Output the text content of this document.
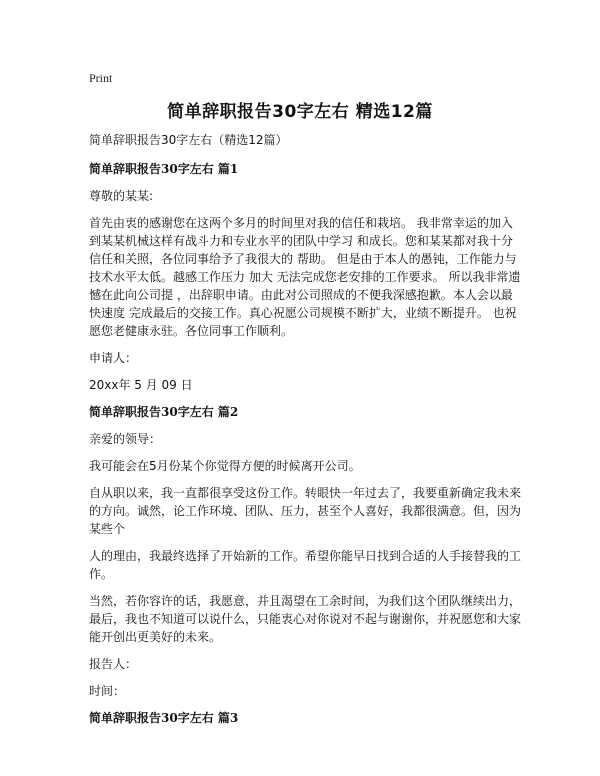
Print
简单辞职报告30字左右 精选12篇
简单辞职报告30字左右（精选12篇）
简单辞职报告30字左右 篇1
尊敬的某某:
首先由衷的感谢您在这两个多月的时间里对我的信任和栽培。 我非常幸运的加入到某某机械这样有战斗力和专业水平的团队中学习 和成长。您和某某都对我十分信任和关照，各位同事给予了我很大的 帮助。 但是由于本人的愚钝，工作能力与技术水平太低。越感工作压力 加大 无法完成您老安排的工作要求。 所以我非常遗憾在此向公司提 ，出辞职申请。由此对公司照成的不便我深感抱歉。本人会以最快速度 完成最后的交接工作。真心祝愿公司规模不断扩大，业绩不断提升。 也祝愿您老健康永驻。各位同事工作顺利。
申请人：
20xx年 5 月 09 日
简单辞职报告30字左右 篇2
亲爱的领导：
我可能会在5月份某个你觉得方便的时候离开公司。
自从职以来，我一直都很享受这份工作。转眼快一年过去了，我要重新确定我未来的方向。诚然，论工作环境、团队、压力，甚至个人喜好，我都很满意。但，因为某些个
人的理由，我最终选择了开始新的工作。希望你能早日找到合适的人手接替我的工作。
当然，若你容许的话，我愿意，并且渴望在工余时间，为我们这个团队继续出力，最后，我也不知道可以说什么，只能衷心对你说对不起与谢谢你，并祝愿您和大家能开创出更美好的未来。
报告人：
时间：
简单辞职报告30字左右 篇3
